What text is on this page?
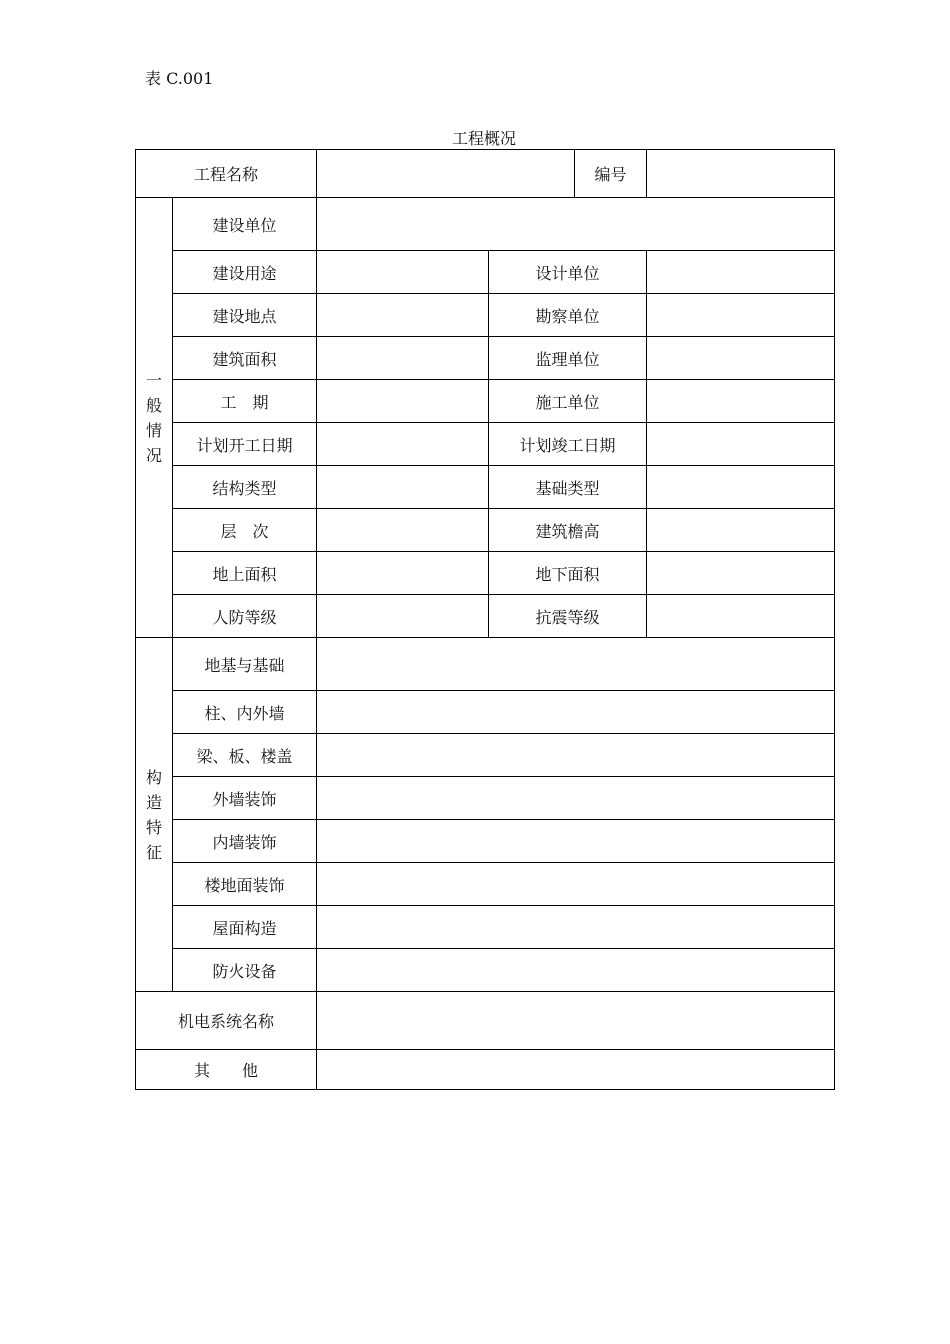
表 C.001
工程概况
工程名称				编号	

一
般
情
况	建设单位				
	建设用途		设计单位		
	建设地点		勘察单位		
	建筑面积		监理单位		
	工　期		施工单位		
	计划开工日期		计划竣工日期		
	结构类型		基础类型		
	层　次		建筑檐高		
	地上面积		地下面积		
	人防等级		抗震等级		

构
造
特
征	地基与基础				
	柱、内外墙				
	梁、板、楼盖				
	外墙装饰				
	内墙装饰				
	楼地面装饰				
	屋面构造				
	防火设备				
机电系统名称					
其　　他					
